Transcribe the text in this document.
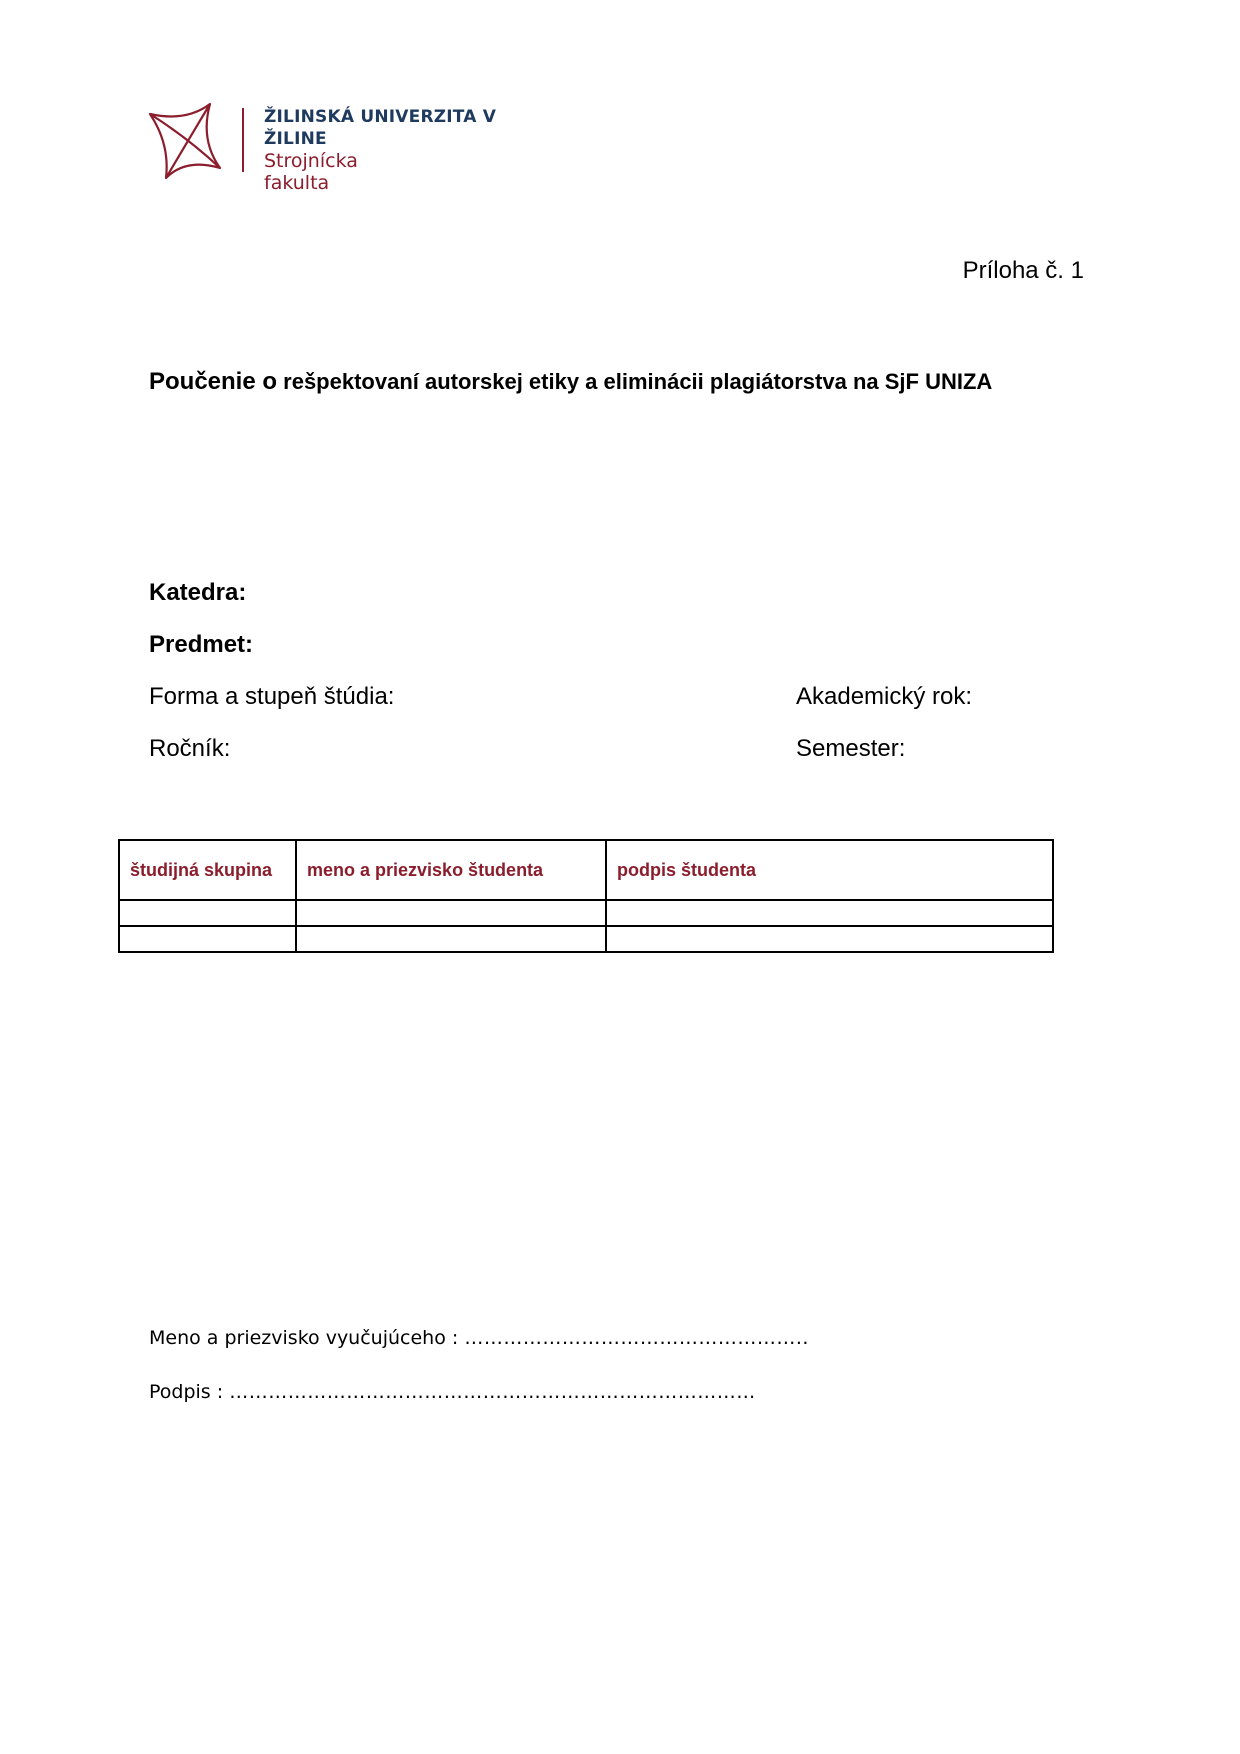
ŽILINSKÁ UNIVERZITA V ŽILINE
Strojnícka
fakulta
Príloha č. 1
Poučenie o rešpektovaní autorskej etiky a eliminácii plagiátorstva na SjF UNIZA
Katedra:
Predmet:
Forma a stupeň štúdia:	Akademický rok:
Ročník:	Semester:
študijná skupina	meno a priezvisko študenta	podpis študenta

Meno a priezvisko vyučujúceho : ……………………………………………..
Podpis : ………………………………………………………………………
